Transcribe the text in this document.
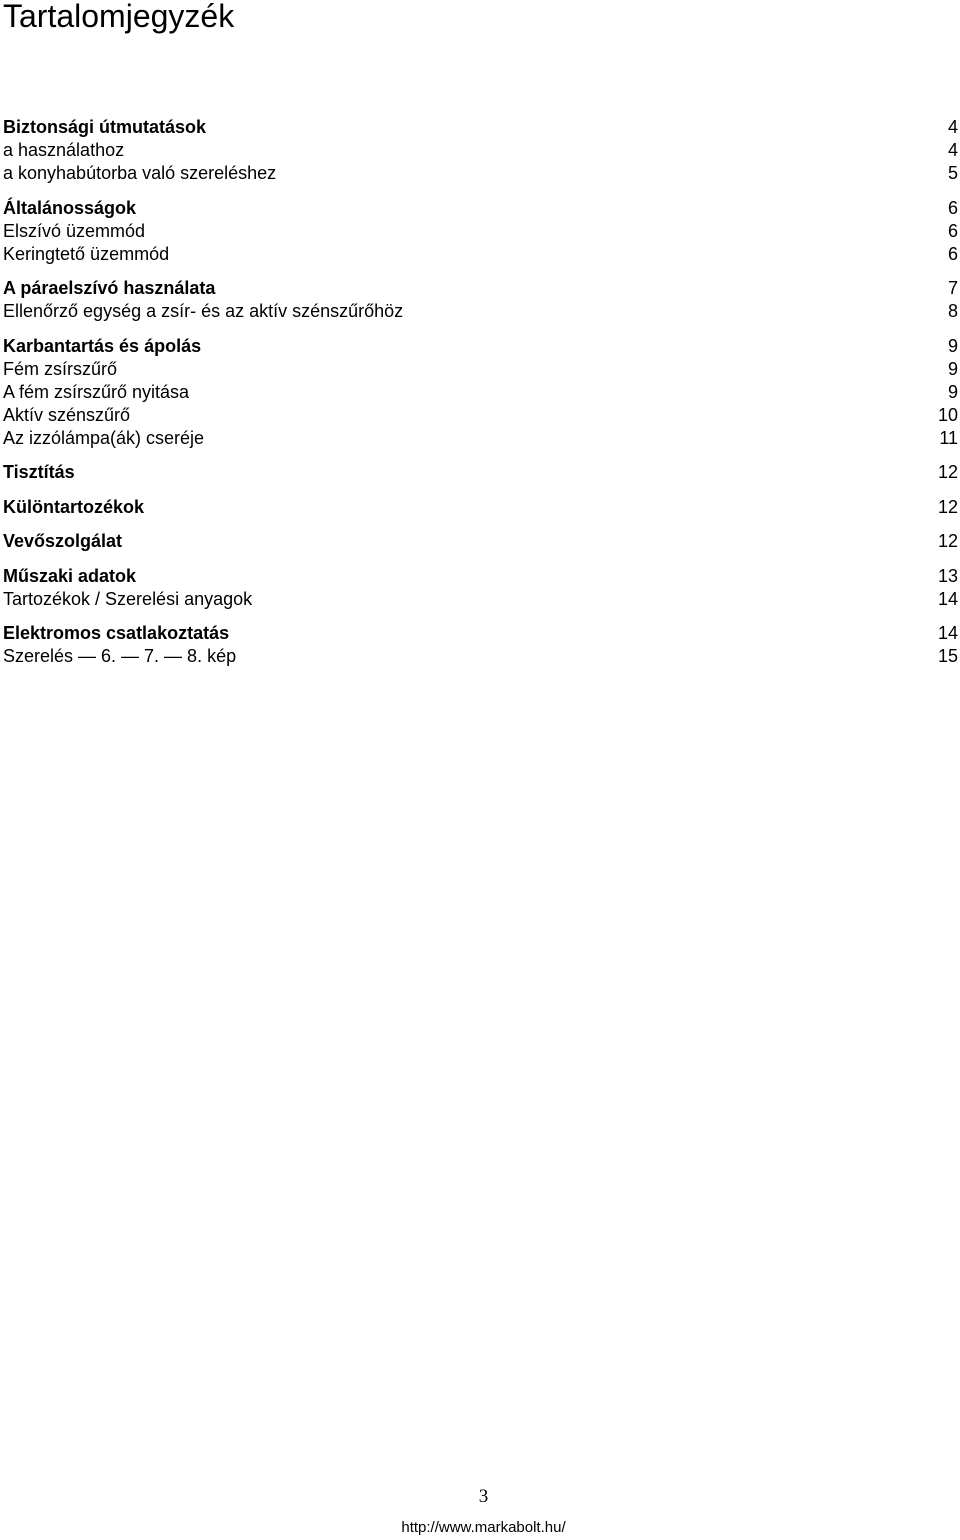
Tartalomjegyzék
Biztonsági útmutatások	4
a használathoz	4
a konyhabútorba való szereléshez	5
Általánosságok	6
Elszívó üzemmód	6
Keringtető üzemmód	6
A páraelszívó használata	7
Ellenőrző egység a zsír- és az aktív szénszűrőhöz	8
Karbantartás és ápolás	9
Fém zsírszűrő	9
A fém zsírszűrő nyitása	9
Aktív szénszűrő	10
Az izzólámpa(ák) cseréje	11
Tisztítás	12
Különtartozékok	12
Vevőszolgálat	12
Műszaki adatok	13
Tartozékok / Szerelési anyagok	14
Elektromos csatlakoztatás	14
Szerelés — 6. — 7. — 8. kép	15
3
http://www.markabolt.hu/
